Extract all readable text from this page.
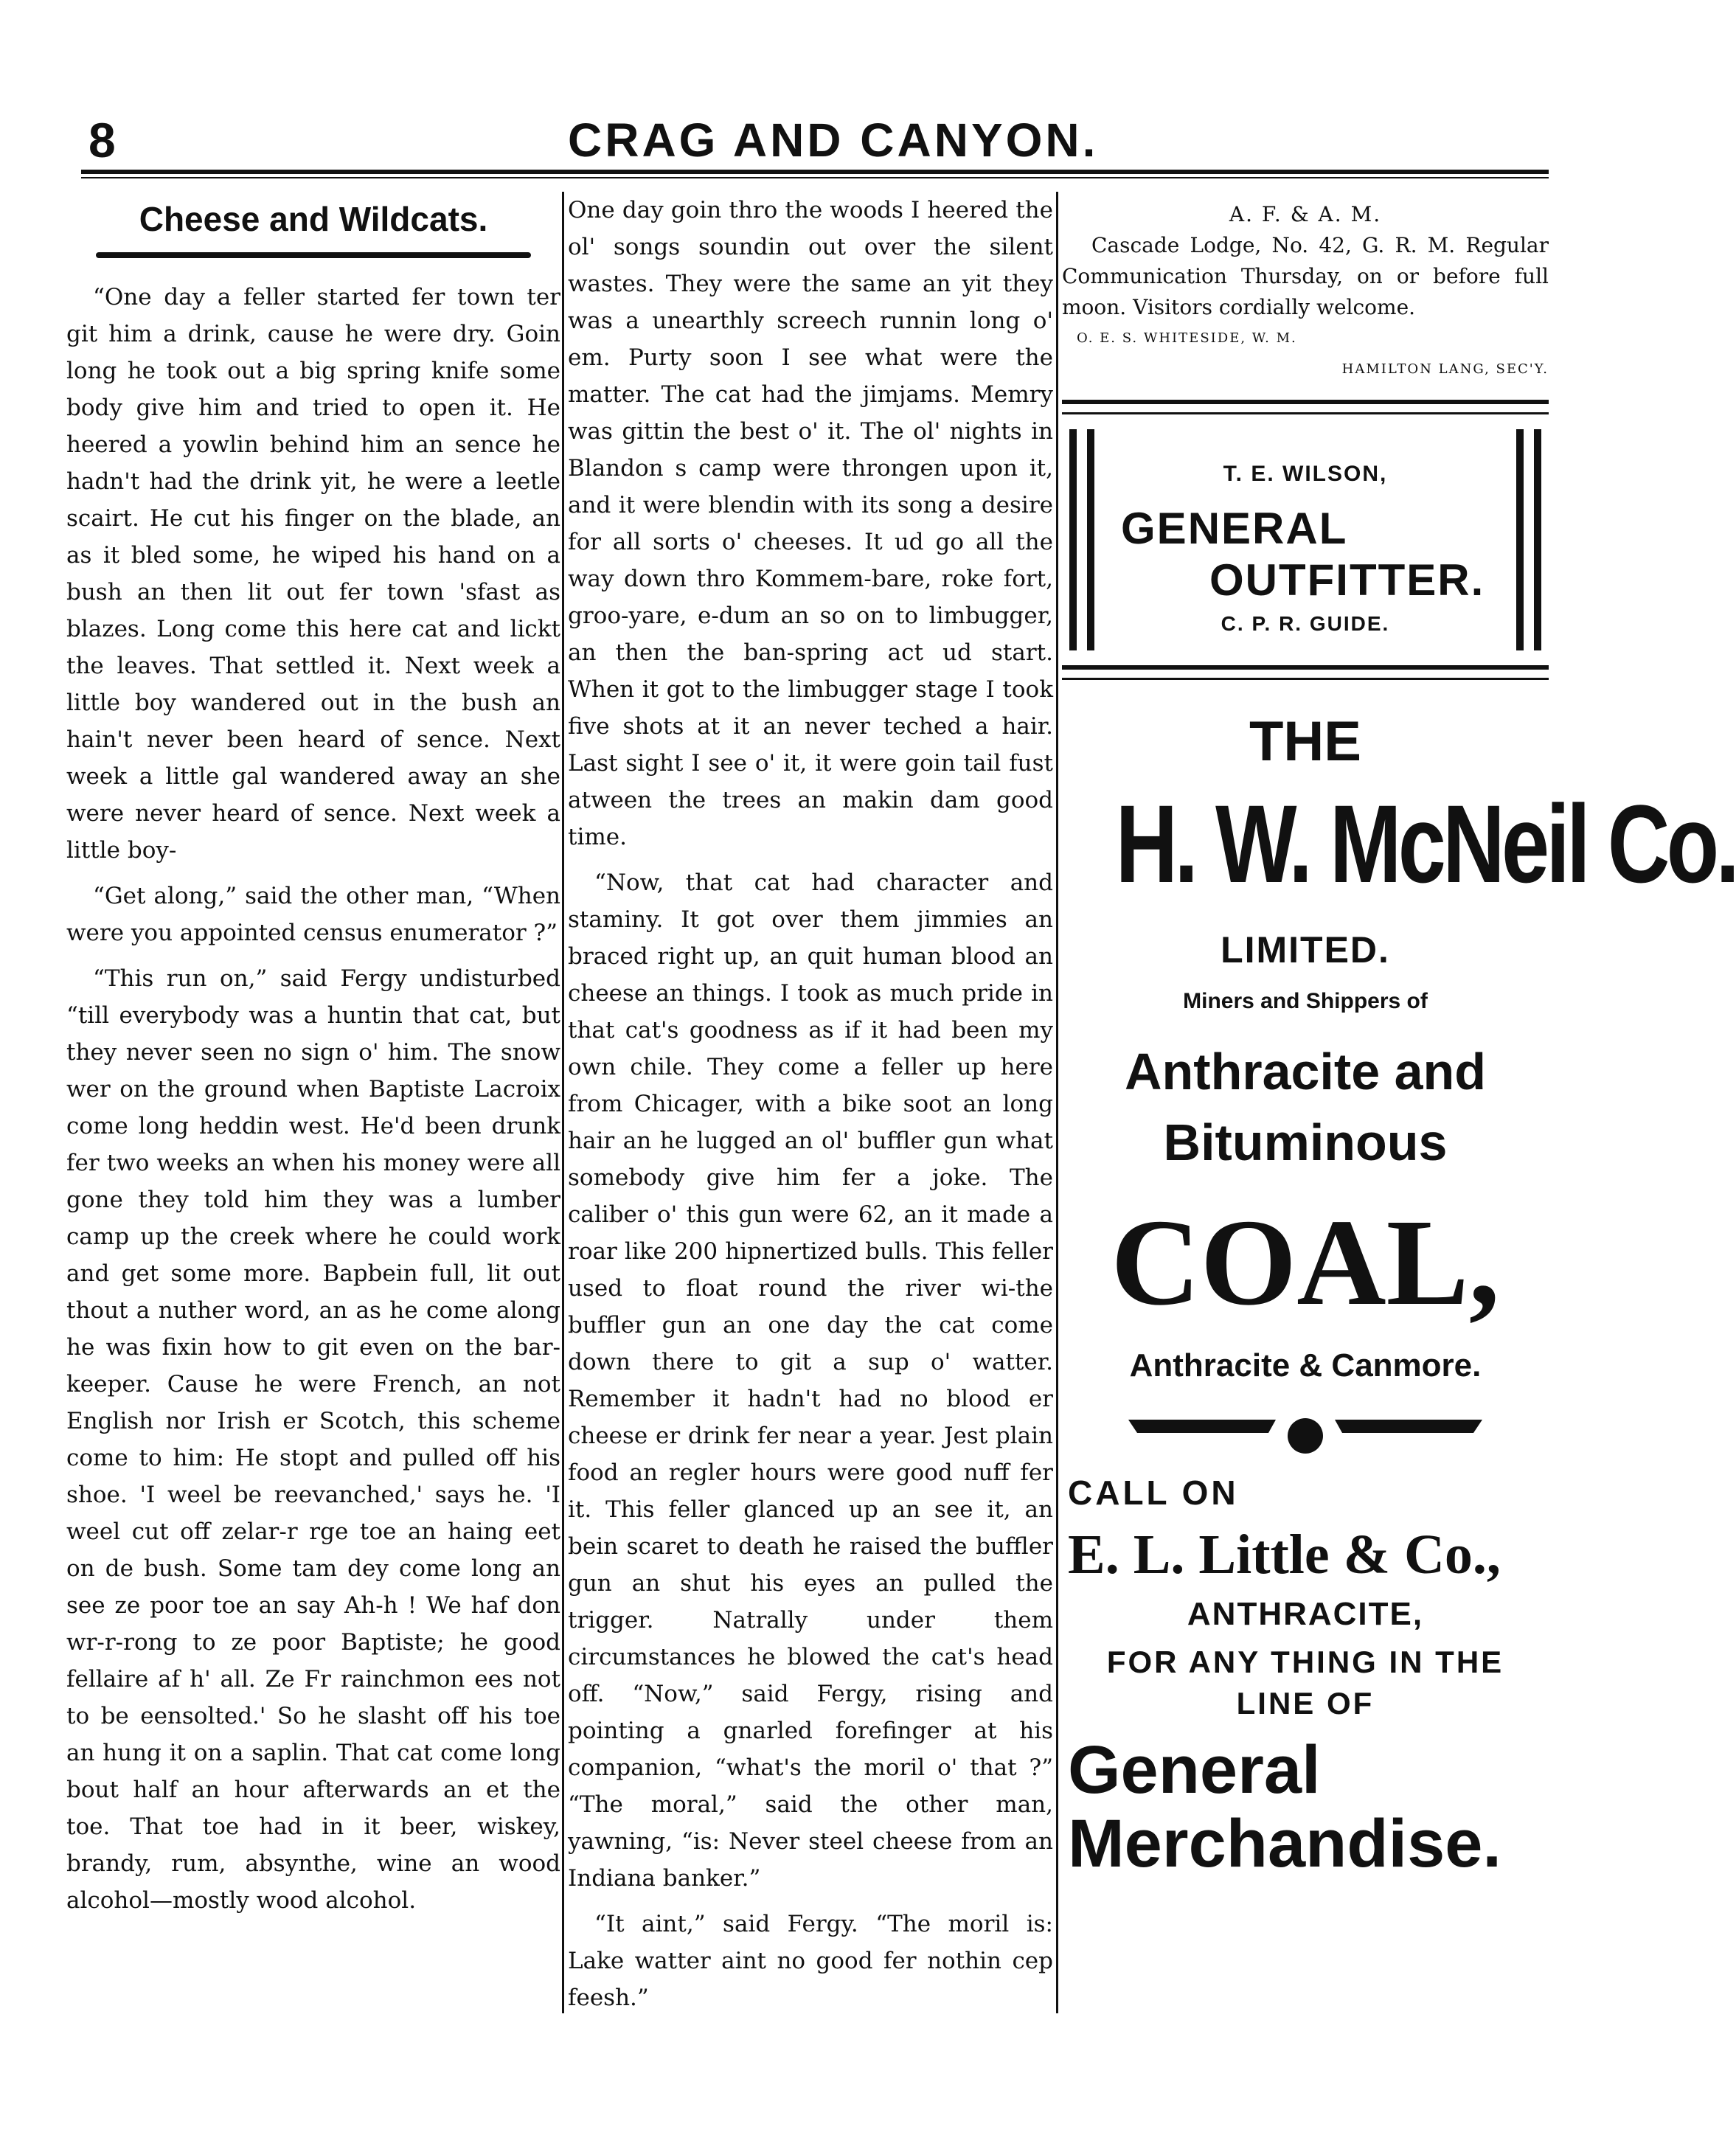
8	CRAG AND CANYON.
Cheese and Wildcats.

“One day a feller started fer town ter git him a drink, cause he were dry. Goin long he took out a big spring knife some body give him and tried to open it. He heered a yowlin behind him an sence he hadn't had the drink yit, he were a leetle scairt. He cut his finger on the blade, an as it bled some, he wiped his hand on a bush an then lit out fer town 'sfast as blazes. Long come this here cat and lickt the leaves. That settled it. Next week a little boy wandered out in the bush an hain't never been heard of sence. Next week a little gal wandered away an she were never heard of sence. Next week a little boy-

“Get along,” said the other man, “When were you appointed census enumerator ?”

“This run on,” said Fergy undisturbed “till everybody was a huntin that cat, but they never seen no sign o' him. The snow wer on the ground when Baptiste Lacroix come long heddin west. He'd been drunk fer two weeks an when his money were all gone they told him they was a lumber camp up the creek where he could work and get some more. Bapbein full, lit out thout a nuther word, an as he come along he was fixin how to git even on the bar-keeper. Cause he were French, an not English nor Irish er Scotch, this scheme come to him: He stopt and pulled off his shoe. 'I weel be reevanched,' says he. 'I weel cut off zelar-r rge toe an haing eet on de bush. Some tam dey come long an see ze poor toe an say Ah-h ! We haf don wr-r-rong to ze poor Baptiste; he good fellaire af h' all. Ze Fr rainchmon ees not to be eensolted.' So he slasht off his toe an hung it on a saplin. That cat come long bout half an hour afterwards an et the toe. That toe had in it beer, wiskey, brandy, rum, absynthe, wine an wood alcohol—mostly wood alcohol.

One day goin thro the woods I heered the ol' songs soundin out over the silent wastes. They were the same an yit they was a unearthly screech runnin long o' em. Purty soon I see what were the matter. The cat had the jimjams. Memry was gittin the best o' it. The ol' nights in Blandon s camp were throngen upon it, and it were blendin with its song a desire for all sorts o' cheeses. It ud go all the way down thro Kommem-bare, roke fort, groo-yare, e-dum an so on to limbugger, an then the ban-spring act ud start. When it got to the limbugger stage I took five shots at it an never teched a hair. Last sight I see o' it, it were goin tail fust atween the trees an makin dam good time.

“Now, that cat had character and staminy. It got over them jimmies an braced right up, an quit human blood an cheese an things. I took as much pride in that cat's goodness as if it had been my own chile. They come a feller up here from Chicager, with a bike soot an long hair an he lugged an ol' buffler gun what somebody give him fer a joke. The caliber o' this gun were 62, an it made a roar like 200 hipnertized bulls. This feller used to float round the river wi-the buffler gun an one day the cat come down there to git a sup o' watter. Remember it hadn't had no blood er cheese er drink fer near a year. Jest plain food an regler hours were good nuff fer it. This feller glanced up an see it, an bein scaret to death he raised the buffler gun an shut his eyes an pulled the trigger. Natrally under them circumstances he blowed the cat's head off. “Now,” said Fergy, rising and pointing a gnarled forefinger at his companion, “what's the moril o' that ?” “The moral,” said the other man, yawning, “is: Never steel cheese from an Indiana banker.”

“It aint,” said Fergy. “The moril is: Lake watter aint no good fer nothin cep feesh.”

A. F. & A. M.
Cascade Lodge, No. 42, G. R. M. Regular Communication Thursday, on or before full moon. Visitors cordially welcome.
O. E. S. WHITESIDE, W. M.
HAMILTON LANG, SEC'Y.
T. E. WILSON,
GENERAL
OUTFITTER.
C. P. R. GUIDE.
THE
H. W. McNeil Co.
LIMITED.
Miners and Shippers of
Anthracite and
Bituminous
COAL,
Anthracite & Canmore.
CALL ON
E. L. Little & Co.,
ANTHRACITE,
FOR ANY THING IN THE
LINE OF
General
Merchandise.
